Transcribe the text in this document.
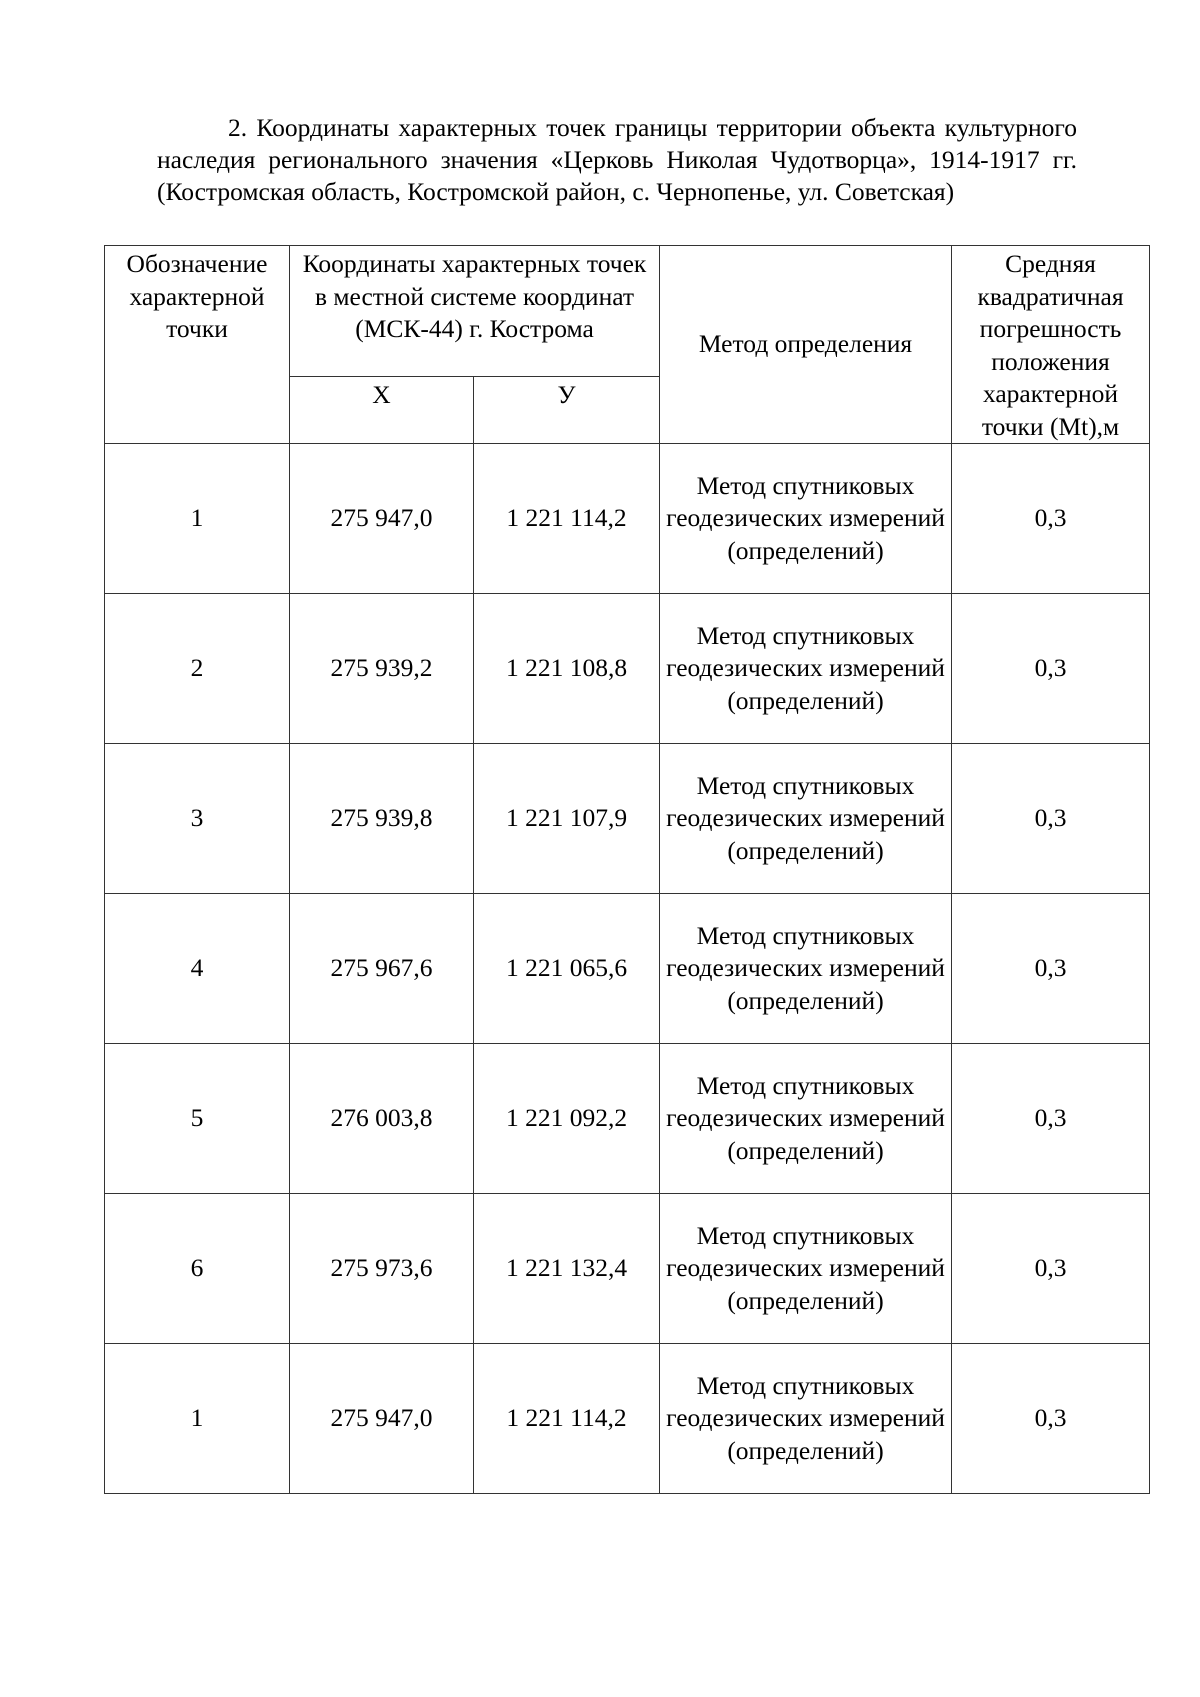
2. Координаты характерных точек границы территории объекта культурного наследия регионального значения «Церковь Николая Чудотворца», 1914-1917 гг. (Костромская область, Костромской район, с. Чернопенье, ул. Советская)
Обозначение характерной точки	Координаты характерных точек в местной системе координат (МСК-44) г. Кострома		Метод определения	Средняя квадратичная погрешность положения характерной точки (Mt),м
	Х	У		
1	275 947,0	1 221 114,2	Метод спутниковых геодезических измерений (определений)	0,3
2	275 939,2	1 221 108,8	Метод спутниковых геодезических измерений (определений)	0,3
3	275 939,8	1 221 107,9	Метод спутниковых геодезических измерений (определений)	0,3
4	275 967,6	1 221 065,6	Метод спутниковых геодезических измерений (определений)	0,3
5	276 003,8	1 221 092,2	Метод спутниковых геодезических измерений (определений)	0,3
6	275 973,6	1 221 132,4	Метод спутниковых геодезических измерений (определений)	0,3
1	275 947,0	1 221 114,2	Метод спутниковых геодезических измерений (определений)	0,3
